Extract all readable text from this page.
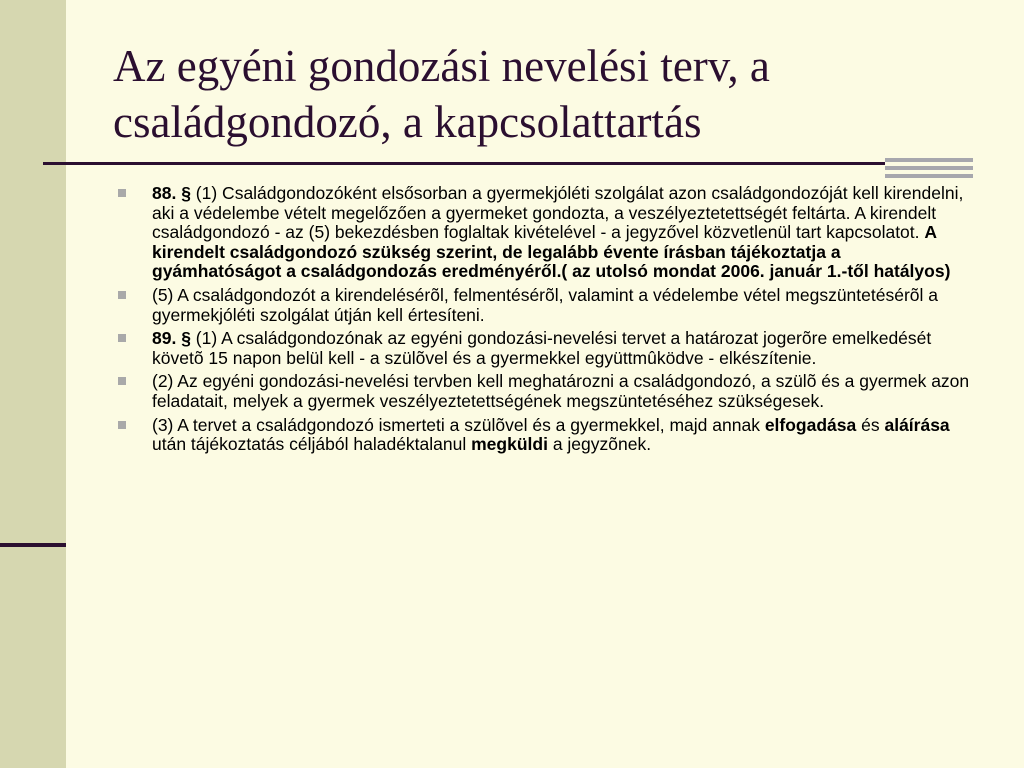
Az egyéni gondozási nevelési terv, a
családgondozó, a kapcsolattartás
88. § (1) Családgondozóként elsősorban a gyermekjóléti szolgálat azon családgondozóját kell kirendelni, aki a védelembe vételt megelőzően a gyermeket gondozta, a veszélyeztetettségét feltárta. A kirendelt családgondozó - az (5) bekezdésben foglaltak kivételével - a jegyzővel közvetlenül tart kapcsolatot. A kirendelt családgondozó szükség szerint, de legalább évente írásban tájékoztatja a gyámhatóságot a családgondozás eredményéről.( az utolsó mondat 2006. január 1.-től hatályos)
(5) A családgondozót a kirendelésérõl, felmentésérõl, valamint a védelembe vétel megszüntetésérõl a gyermekjóléti szolgálat útján kell értesíteni.
89. § (1) A családgondozónak az egyéni gondozási-nevelési tervet a határozat jogerõre emelkedését követõ 15 napon belül kell - a szülõvel és a gyermekkel együttmûködve - elkészítenie.
(2) Az egyéni gondozási-nevelési tervben kell meghatározni a családgondozó, a szülõ és a gyermek azon feladatait, melyek a gyermek veszélyeztetettségének megszüntetéséhez szükségesek.
(3) A tervet a családgondozó ismerteti a szülõvel és a gyermekkel, majd annak elfogadása és aláírása után tájékoztatás céljából haladéktalanul megküldi a jegyzõnek.
